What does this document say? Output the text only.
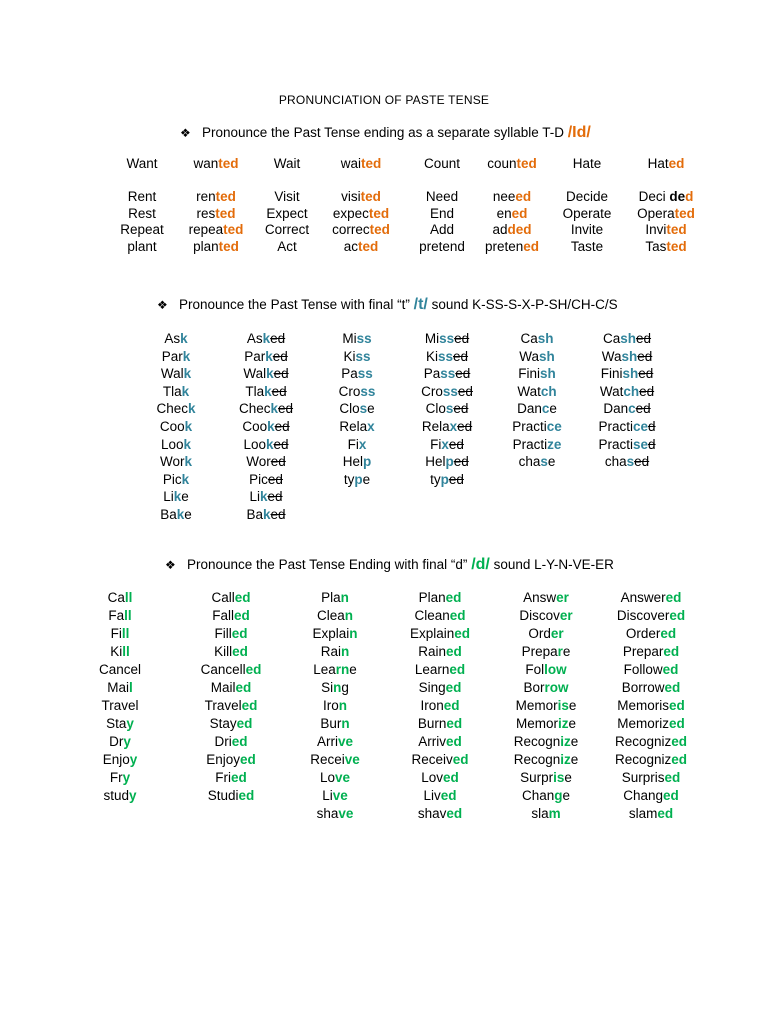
PRONUNCIATION OF PASTE TENSE
❖ Pronounce the Past Tense ending as a separate syllable T-D /Id/
Want
Rent
Rest
Repeat
plant
wanted
rented
rested
repeated
planted
Wait
Visit
Expect
Correct
Act
waited
visited
expected
corrected
acted
Count
Need
End
Add
pretend
counted
neeed
ened
added
pretened
Hate
Decide
Operate
Invite
Taste
Hated
Deci ded
Operated
Invited
Tasted
❖ Pronounce the Past Tense with final “t” /t/ sound K-SS-S-X-P-SH/CH-C/S
Ask
Park
Walk
Tlak
Check
Cook
Look
Work
Pick
Like
Bake
Asked
Parked
Walked
Tlaked
Checked
Cooked
Looked
Wored
Piced
Liked
Baked
Miss
Kiss
Pass
Cross
Close
Relax
Fix
Help
type
Missed
Kissed
Passed
Crossed
Closed
Relaxed
Fixed
Helped
typed
Cash
Wash
Finish
Watch
Dance
Practice
Practize
chase
Cashed
Washed
Finished
Watched
Danced
Practiced
Practised
chased
❖ Pronounce the Past Tense Ending with final “d” /d/ sound L-Y-N-VE-ER
Call
Fall
Fill
Kill
Cancel
Mail
Travel
Stay
Dry
Enjoy
Fry
study
Called
Falled
Filled
Killed
Cancelled
Mailed
Traveled
Stayed
Dried
Enjoyed
Fried
Studied
Plan
Clean
Explain
Rain
Learne
Sing
Iron
Burn
Arrive
Receive
Love
Live
shave
Planed
Cleaned
Explained
Rained
Learned
Singed
Ironed
Burned
Arrived
Received
Loved
Lived
shaved
Answer
Discover
Order
Prepare
Follow
Borrow
Memorise
Memorize
Recognize
Recognize
Surprise
Change
slam
Answered
Discovered
Ordered
Prepared
Followed
Borrowed
Memorised
Memorized
Recognized
Recognized
Surprised
Changed
slamed
